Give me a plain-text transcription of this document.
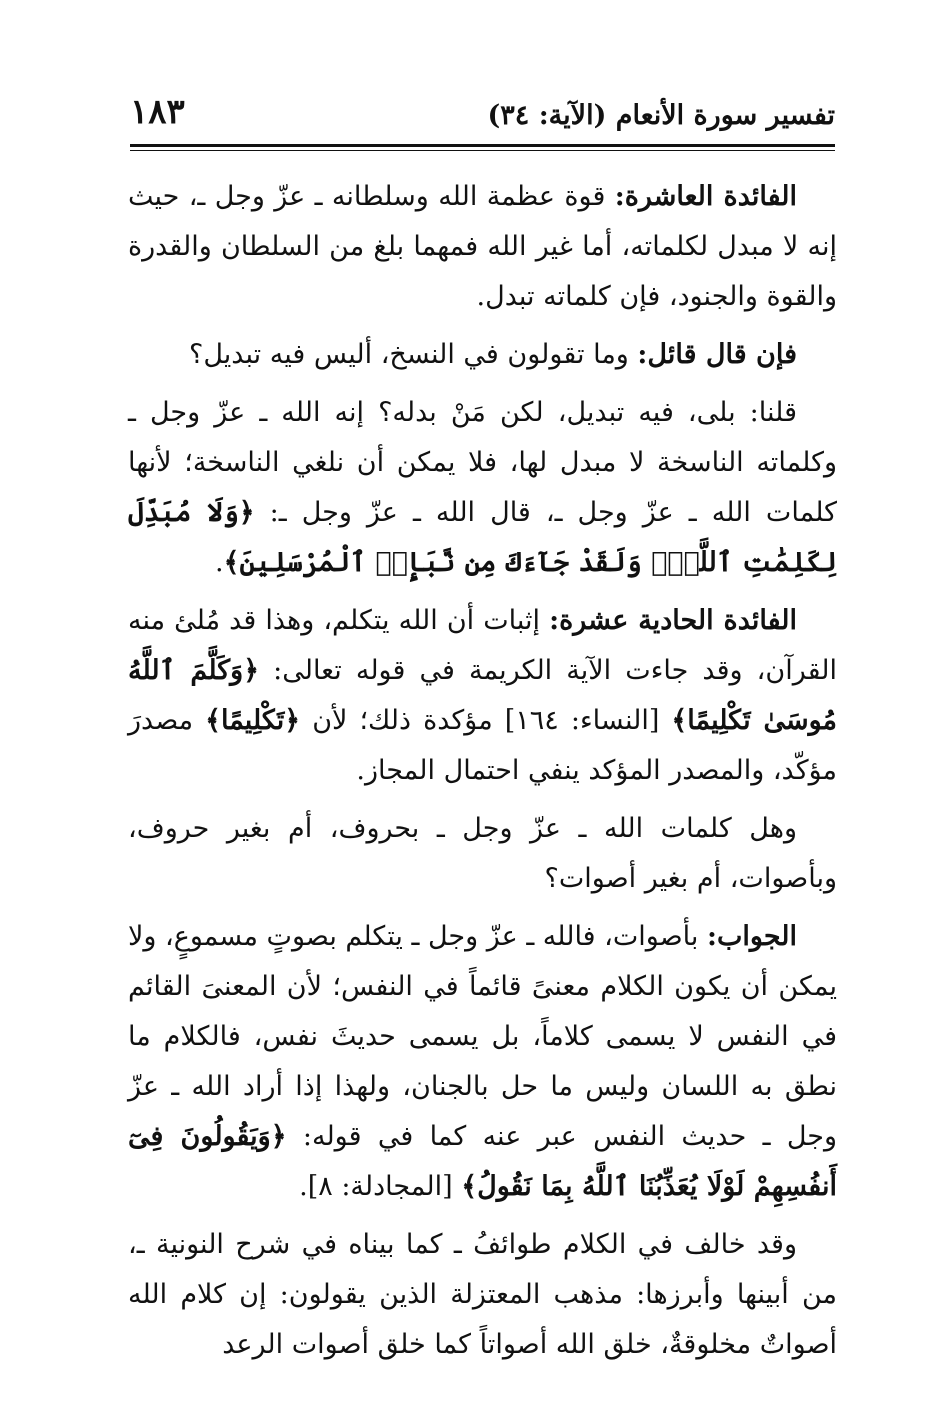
تفسير سورة الأنعام (الآية: ٣٤)
١٨٣

الفائدة العاشرة: قوة عظمة الله وسلطانه ـ عزّ وجل ـ، حيث إنه لا مبدل لكلماته، أما غير الله فمهما بلغ من السلطان والقدرة والقوة والجنود، فإن كلماته تبدل.

فإن قال قائل: وما تقولون في النسخ، أليس فيه تبديل؟

قلنا: بلى، فيه تبديل، لكن مَنْ بدله؟ إنه الله ـ عزّ وجل ـ وكلماته الناسخة لا مبدل لها، فلا يمكن أن نلغي الناسخة؛ لأنها كلمات الله ـ عزّ وجل ـ، قال الله ـ عزّ وجل ـ: ﴿وَلَا مُبَدِّلَ لِكَلِمَٰتِ ٱللَّهِۚ وَلَقَدْ جَآءَكَ مِن نَّبَإِى۟ ٱلْمُرْسَلِينَ﴾.

الفائدة الحادية عشرة: إثبات أن الله يتكلم، وهذا قد مُلئ منه القرآن، وقد جاءت الآية الكريمة في قوله تعالى: ﴿وَكَلَّمَ ٱللَّهُ مُوسَىٰ تَكْلِيمًا﴾ [النساء: ١٦٤] مؤكدة ذلك؛ لأن ﴿تَكْلِيمًا﴾ مصدرَ مؤكّد، والمصدر المؤكد ينفي احتمال المجاز.

وهل كلمات الله ـ عزّ وجل ـ بحروف، أم بغير حروف، وبأصوات، أم بغير أصوات؟

الجواب: بأصوات، فالله ـ عزّ وجل ـ يتكلم بصوتٍ مسموعٍ، ولا يمكن أن يكون الكلام معنىً قائماً في النفس؛ لأن المعنىَ القائم في النفس لا يسمى كلاماً، بل يسمى حديثَ نفس، فالكلام ما نطق به اللسان وليس ما حل بالجنان، ولهذا إذا أراد الله ـ عزّ وجل ـ حديث النفس عبر عنه كما في قوله: ﴿وَيَقُولُونَ فِىٓ أَنفُسِهِمْ لَوْلَا يُعَذِّبُنَا ٱللَّهُ بِمَا نَقُولُ﴾ [المجادلة: ٨].

وقد خالف في الكلام طوائفُ ـ كما بيناه في شرح النونية ـ، من أبينها وأبرزها: مذهب المعتزلة الذين يقولون: إن كلام الله أصواتٌ مخلوقةٌ، خلق الله أصواتاً كما خلق أصوات الرعد
